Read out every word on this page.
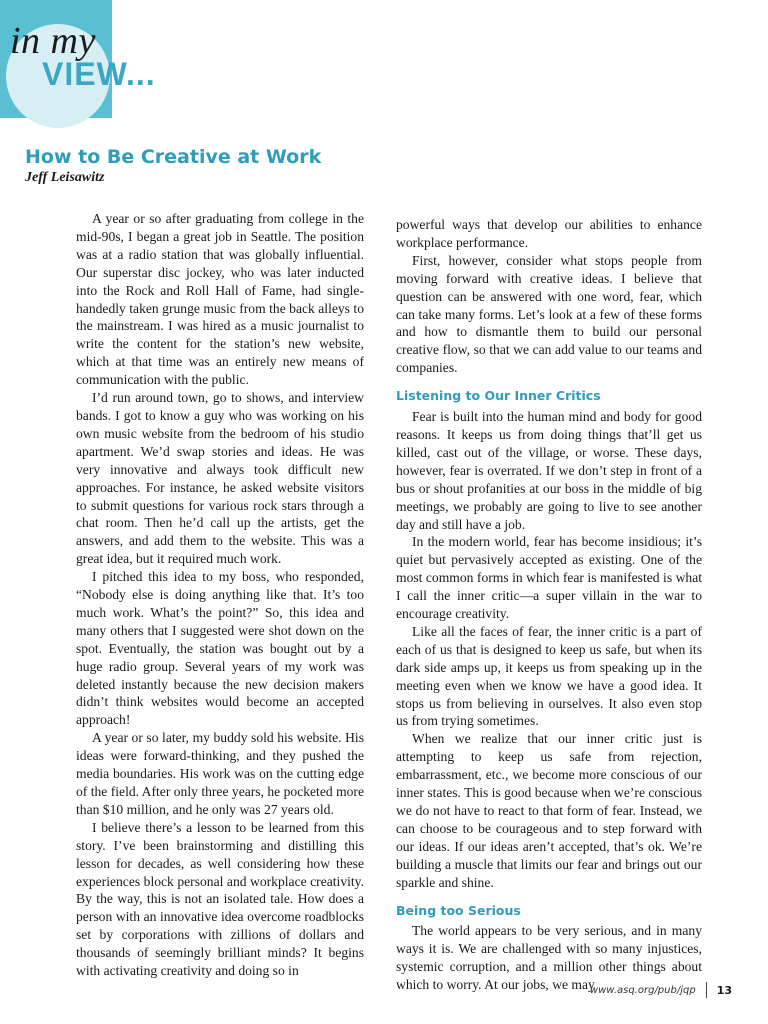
in my
VIEW...
How to Be Creative at Work
Jeff Leisawitz

A year or so after graduating from college in the mid-90s, I began a great job in Seattle. The position was at a radio station that was globally influential. Our superstar disc jockey, who was later inducted into the Rock and Roll Hall of Fame, had single-handedly taken grunge music from the back alleys to the mainstream. I was hired as a music journalist to write the content for the station’s new website, which at that time was an entirely new means of communication with the public.

I’d run around town, go to shows, and interview bands. I got to know a guy who was working on his own music website from the bedroom of his studio apartment. We’d swap stories and ideas. He was very innovative and always took difficult new approaches. For instance, he asked website visitors to submit questions for various rock stars through a chat room. Then he’d call up the artists, get the answers, and add them to the website. This was a great idea, but it required much work.

I pitched this idea to my boss, who responded, “Nobody else is doing anything like that. It’s too much work. What’s the point?” So, this idea and many others that I suggested were shot down on the spot. Eventually, the station was bought out by a huge radio group. Several years of my work was deleted instantly because the new decision makers didn’t think websites would become an accepted approach!

A year or so later, my buddy sold his website. His ideas were forward-thinking, and they pushed the media boundaries. His work was on the cutting edge of the field. After only three years, he pocketed more than $10 million, and he only was 27 years old.

I believe there’s a lesson to be learned from this story. I’ve been brainstorming and distilling this lesson for decades, as well considering how these experiences block personal and workplace creativity. By the way, this is not an isolated tale. How does a person with an innovative idea overcome roadblocks set by corporations with zillions of dollars and thousands of seemingly brilliant minds? It begins with activating creativity and doing so in

powerful ways that develop our abilities to enhance workplace performance.

First, however, consider what stops people from moving forward with creative ideas. I believe that question can be answered with one word, fear, which can take many forms. Let’s look at a few of these forms and how to dismantle them to build our personal creative flow, so that we can add value to our teams and companies.

Listening to Our Inner Critics

Fear is built into the human mind and body for good reasons. It keeps us from doing things that’ll get us killed, cast out of the village, or worse. These days, however, fear is overrated. If we don’t step in front of a bus or shout profanities at our boss in the middle of big meetings, we probably are going to live to see another day and still have a job.

In the modern world, fear has become insidious; it’s quiet but pervasively accepted as existing. One of the most common forms in which fear is manifested is what I call the inner critic—a super villain in the war to encourage creativity.

Like all the faces of fear, the inner critic is a part of each of us that is designed to keep us safe, but when its dark side amps up, it keeps us from speaking up in the meeting even when we know we have a good idea. It stops us from believing in ourselves. It also even stop us from trying sometimes.

When we realize that our inner critic just is attempting to keep us safe from rejection, embarrassment, etc., we become more conscious of our inner states. This is good because when we’re conscious we do not have to react to that form of fear. Instead, we can choose to be courageous and to step forward with our ideas. If our ideas aren’t accepted, that’s ok. We’re building a muscle that limits our fear and brings out our sparkle and shine.

Being too Serious

The world appears to be very serious, and in many ways it is. We are challenged with so many injustices, systemic corruption, and a million other things about which to worry. At our jobs, we may

www.asq.org/pub/jqp 13
